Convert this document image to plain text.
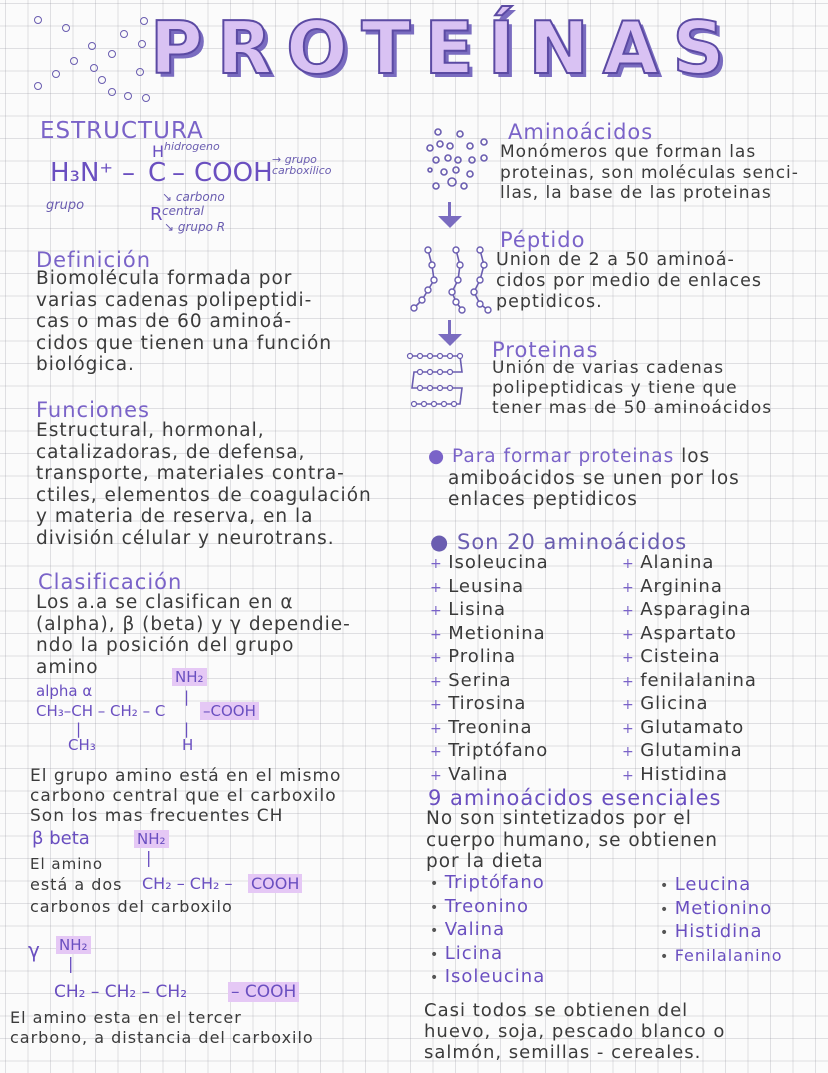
PROTEÍNAS
ESTRUCTURA
hidrogeno
H
H₃N⁺ – C – COOH → grupo carboxilico
grupo
↘ carbono central
R
↘ grupo R
Definición
Biomolécula formada por
varias cadenas polipeptidi-
cas o mas de 60 aminoá-
cidos que tienen una función
biológica.
Funciones
Estructural, hormonal,
catalizadoras, de defensa,
transporte, materiales contra-
ctiles, elementos de coagulación
y materia de reserva, en la
división célular y neurotrans.
Clasificación
Los a.a se clasifican en α
(alpha), β (beta) y γ dependie-
ndo la posición del grupo
amino	NH₂
alpha α	|
CH₃–CH – CH₂ – C	–COOH
|	|
CH₃	H
El grupo amino está en el mismo
carbono central que el carboxilo
Son los mas frecuentes CH
β beta	NH₂
El amino	|
está a dos CH₂ – CH₂ – COOH
carbonos del carboxilo
γ NH₂
|
CH₂ – CH₂ – CH₂	– COOH
El amino esta en el tercer
carbono, a distancia del carboxilo
Aminoácidos
Monómeros que forman las
proteinas, son moléculas senci-
llas, la base de las proteinas
Péptido
Union de 2 a 50 aminoá-
cidos por medio de enlaces
peptidicos.
Proteinas
Unión de varias cadenas
polipeptidicas y tiene que
tener mas de 50 aminoácidos
● Para formar proteinas los
amiboácidos se unen por los
enlaces peptidicos
● Son 20 aminoácidos
+ Isoleucina
+ Leusina
+ Lisina
+ Metionina
+ Prolina
+ Serina
+ Tirosina
+ Treonina
+ Triptófano
+ Valina
+ Alanina
+ Arginina
+ Asparagina
+ Aspartato
+ Cisteina
+ fenilalanina
+ Glicina
+ Glutamato
+ Glutamina
+ Histidina
9 aminoácidos esenciales
No son sintetizados por el
cuerpo humano, se obtienen
por la dieta
• Triptófano
• Treonino
• Valina
• Licina
• Isoleucina
• Leucina
• Metionino
• Histidina
• Fenilalanino
Casi todos se obtienen del
huevo, soja, pescado blanco o
salmón, semillas - cereales.
